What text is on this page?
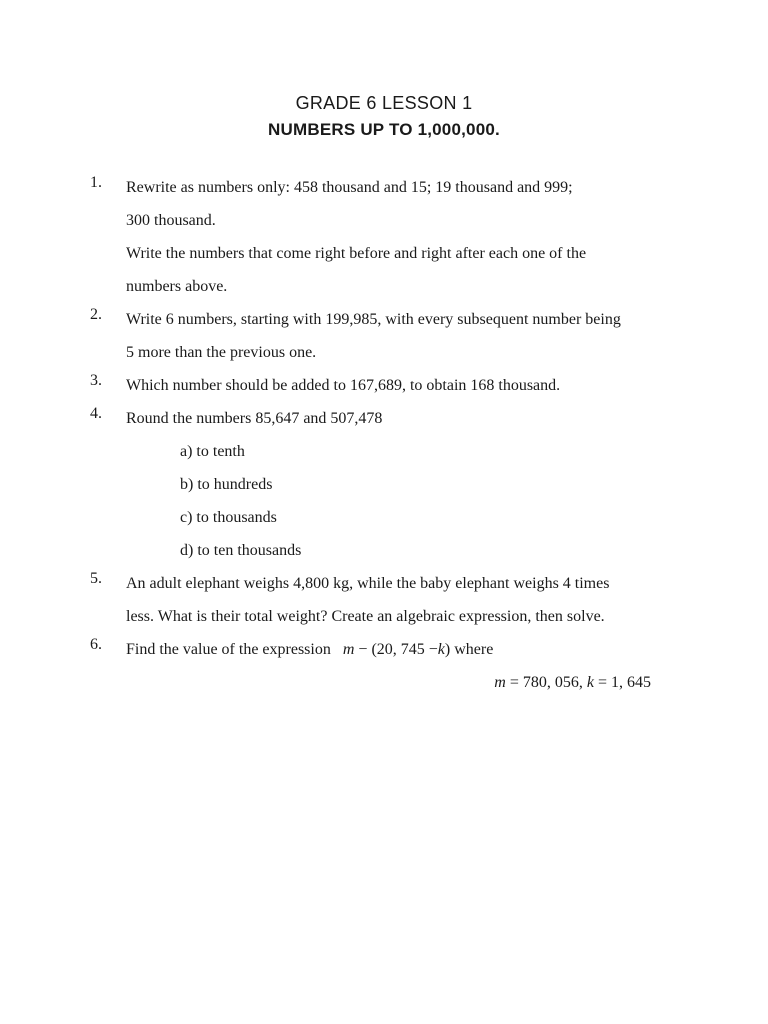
GRADE 6 LESSON 1
NUMBERS UP TO 1,000,000.
1. Rewrite as numbers only: 458 thousand and 15; 19 thousand and 999;
300 thousand.
Write the numbers that come right before and right after each one of the
numbers above.
2. Write 6 numbers, starting with 199,985, with every subsequent number being
5 more than the previous one.
3. Which number should be added to 167,689, to obtain 168 thousand.
4. Round the numbers 85,647 and 507,478
a) to tenth
b) to hundreds
c) to thousands
d) to ten thousands
5. An adult elephant weighs 4,800 kg, while the baby elephant weighs 4 times
less. What is their total weight? Create an algebraic expression, then solve.
6. Find the value of the expression m − (20, 745 −k) where
m = 780, 056, k = 1, 645
